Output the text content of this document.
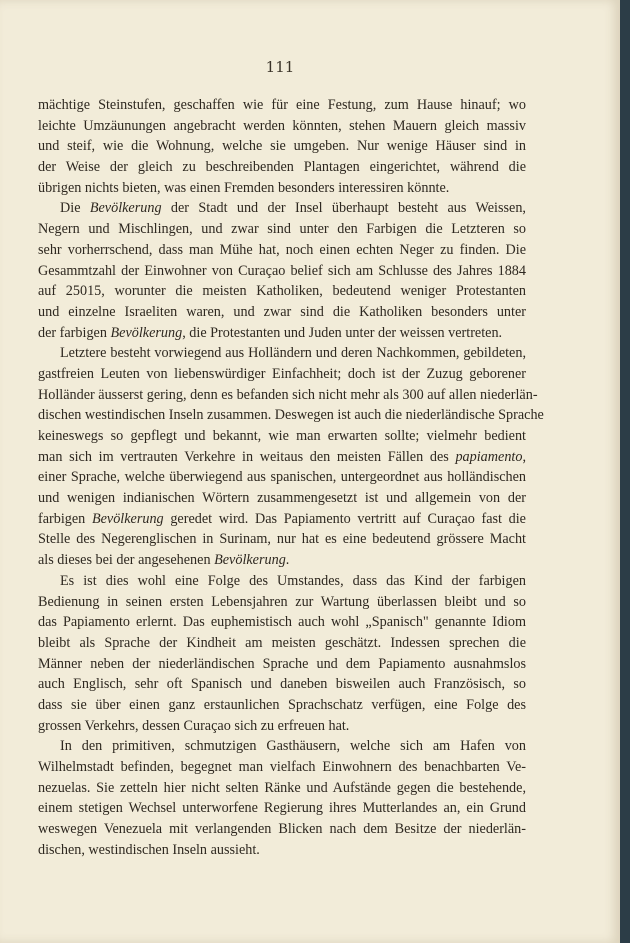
111
mächtige Steinstufen, geschaffen wie für eine Festung, zum Hause hinauf; wo
leichte Umzäunungen angebracht werden könnten, stehen Mauern gleich massiv
und steif, wie die Wohnung, welche sie umgeben. Nur wenige Häuser sind in
der Weise der gleich zu beschreibenden Plantagen eingerichtet, während die
übrigen nichts bieten, was einen Fremden besonders interessiren könnte.
Die Bevölkerung der Stadt und der Insel überhaupt besteht aus Weissen,
Negern und Mischlingen, und zwar sind unter den Farbigen die Letzteren so
sehr vorherrschend, dass man Mühe hat, noch einen echten Neger zu finden. Die
Gesammtzahl der Einwohner von Curaçao belief sich am Schlusse des Jahres 1884
auf 25015, worunter die meisten Katholiken, bedeutend weniger Protestanten
und einzelne Israeliten waren, und zwar sind die Katholiken besonders unter
der farbigen Bevölkerung, die Protestanten und Juden unter der weissen vertreten.
Letztere besteht vorwiegend aus Holländern und deren Nachkommen, gebildeten,
gastfreien Leuten von liebenswürdiger Einfachheit; doch ist der Zuzug geborener
Holländer äusserst gering, denn es befanden sich nicht mehr als 300 auf allen niederlän-
dischen westindischen Inseln zusammen. Deswegen ist auch die niederländische Sprache
keineswegs so gepflegt und bekannt, wie man erwarten sollte; vielmehr bedient
man sich im vertrauten Verkehre in weitaus den meisten Fällen des papiamento,
einer Sprache, welche überwiegend aus spanischen, untergeordnet aus holländischen
und wenigen indianischen Wörtern zusammengesetzt ist und allgemein von der
farbigen Bevölkerung geredet wird. Das Papiamento vertritt auf Curaçao fast die
Stelle des Negerenglischen in Surinam, nur hat es eine bedeutend grössere Macht
als dieses bei der angesehenen Bevölkerung.
Es ist dies wohl eine Folge des Umstandes, dass das Kind der farbigen
Bedienung in seinen ersten Lebensjahren zur Wartung überlassen bleibt und so
das Papiamento erlernt. Das euphemistisch auch wohl „Spanisch" genannte Idiom
bleibt als Sprache der Kindheit am meisten geschätzt. Indessen sprechen die
Männer neben der niederländischen Sprache und dem Papiamento ausnahmslos
auch Englisch, sehr oft Spanisch und daneben bisweilen auch Französisch, so
dass sie über einen ganz erstaunlichen Sprachschatz verfügen, eine Folge des
grossen Verkehrs, dessen Curaçao sich zu erfreuen hat.
In den primitiven, schmutzigen Gasthäusern, welche sich am Hafen von
Wilhelmstadt befinden, begegnet man vielfach Einwohnern des benachbarten Ve-
nezuelas. Sie zetteln hier nicht selten Ränke und Aufstände gegen die bestehende,
einem stetigen Wechsel unterworfene Regierung ihres Mutterlandes an, ein Grund
weswegen Venezuela mit verlangenden Blicken nach dem Besitze der niederlän-
dischen, westindischen Inseln aussieht.
